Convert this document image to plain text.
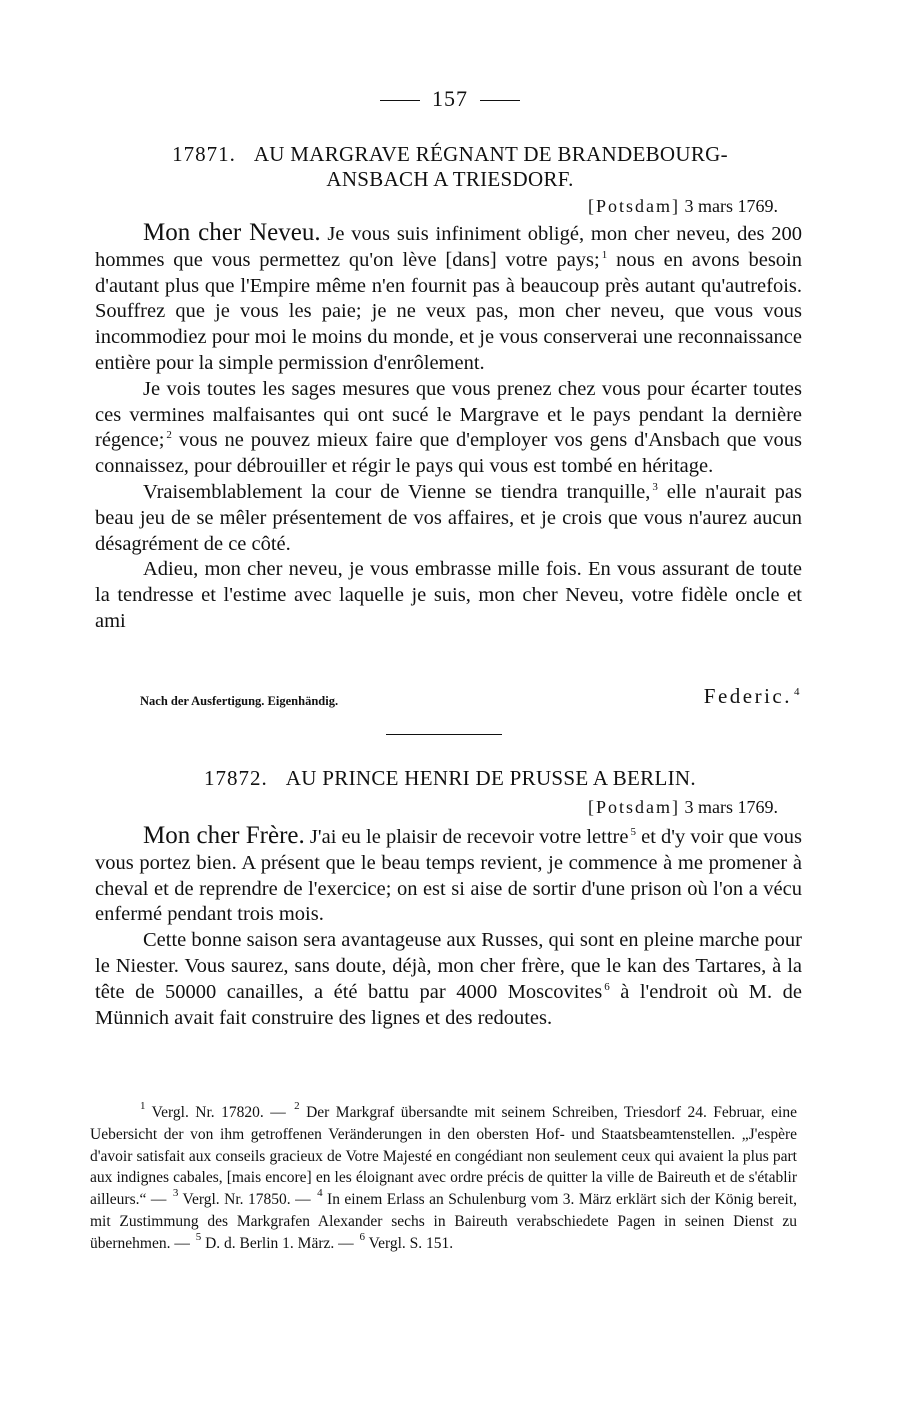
157
17871. AU MARGRAVE RÉGNANT DE BRANDEBOURG-
ANSBACH A TRIESDORF.
[Potsdam] 3 mars 1769.

Mon cher Neveu. Je vous suis infiniment obligé, mon cher neveu, des 200 hommes que vous permettez qu'on lève [dans] votre pays; $^1$ nous en avons besoin d'autant plus que l'Empire même n'en fournit pas à beaucoup près autant qu'autrefois. Souffrez que je vous les paie; je ne veux pas, mon cher neveu, que vous vous incommodiez pour moi le moins du monde, et je vous conserverai une reconnaissance entière pour la simple permission d'enrôlement.

Je vois toutes les sages mesures que vous prenez chez vous pour écarter toutes ces vermines malfaisantes qui ont sucé le Margrave et le pays pendant la dernière régence; $^2$ vous ne pouvez mieux faire que d'employer vos gens d'Ansbach que vous connaissez, pour débrouiller et régir le pays qui vous est tombé en héritage.

Vraisemblablement la cour de Vienne se tiendra tranquille, $^3$ elle n'aurait pas beau jeu de se mêler présentement de vos affaires, et je crois que vous n'aurez aucun désagrément de ce côté.

Adieu, mon cher neveu, je vous embrasse mille fois. En vous assurant de toute la tendresse et l'estime avec laquelle je suis, mon cher Neveu, votre fidèle oncle et ami

Nach der Ausfertigung. Eigenhändig.	Federic. $^4$
17872. AU PRINCE HENRI DE PRUSSE A BERLIN.
[Potsdam] 3 mars 1769.

Mon cher Frère. J'ai eu le plaisir de recevoir votre lettre $^5$ et d'y voir que vous vous portez bien. A présent que le beau temps revient, je commence à me promener à cheval et de reprendre de l'exercice; on est si aise de sortir d'une prison où l'on a vécu enfermé pendant trois mois.

Cette bonne saison sera avantageuse aux Russes, qui sont en pleine marche pour le Niester. Vous saurez, sans doute, déjà, mon cher frère, que le kan des Tartares, à la tête de 50000 canailles, a été battu par 4000 Moscovites $^6$ à l'endroit où M. de Münnich avait fait construire des lignes et des redoutes.

$^1$ Vergl. Nr. 17820. — $^2$ Der Markgraf übersandte mit seinem Schreiben, Triesdorf 24. Februar, eine Uebersicht der von ihm getroffenen Veränderungen in den obersten Hof- und Staatsbeamtenstellen. „J'espère d'avoir satisfait aux conseils gracieux de Votre Majesté en congédiant non seulement ceux qui avaient la plus part aux indignes cabales, [mais encore] en les éloignant avec ordre précis de quitter la ville de Baireuth et de s'établir ailleurs.“ — $^3$ Vergl. Nr. 17850. — $^4$ In einem Erlass an Schulenburg vom 3. März erklärt sich der König bereit, mit Zustimmung des Markgrafen Alexander sechs in Baireuth verabschiedete Pagen in seinen Dienst zu übernehmen. — $^5$ D. d. Berlin 1. März. — $^6$ Vergl. S. 151.
